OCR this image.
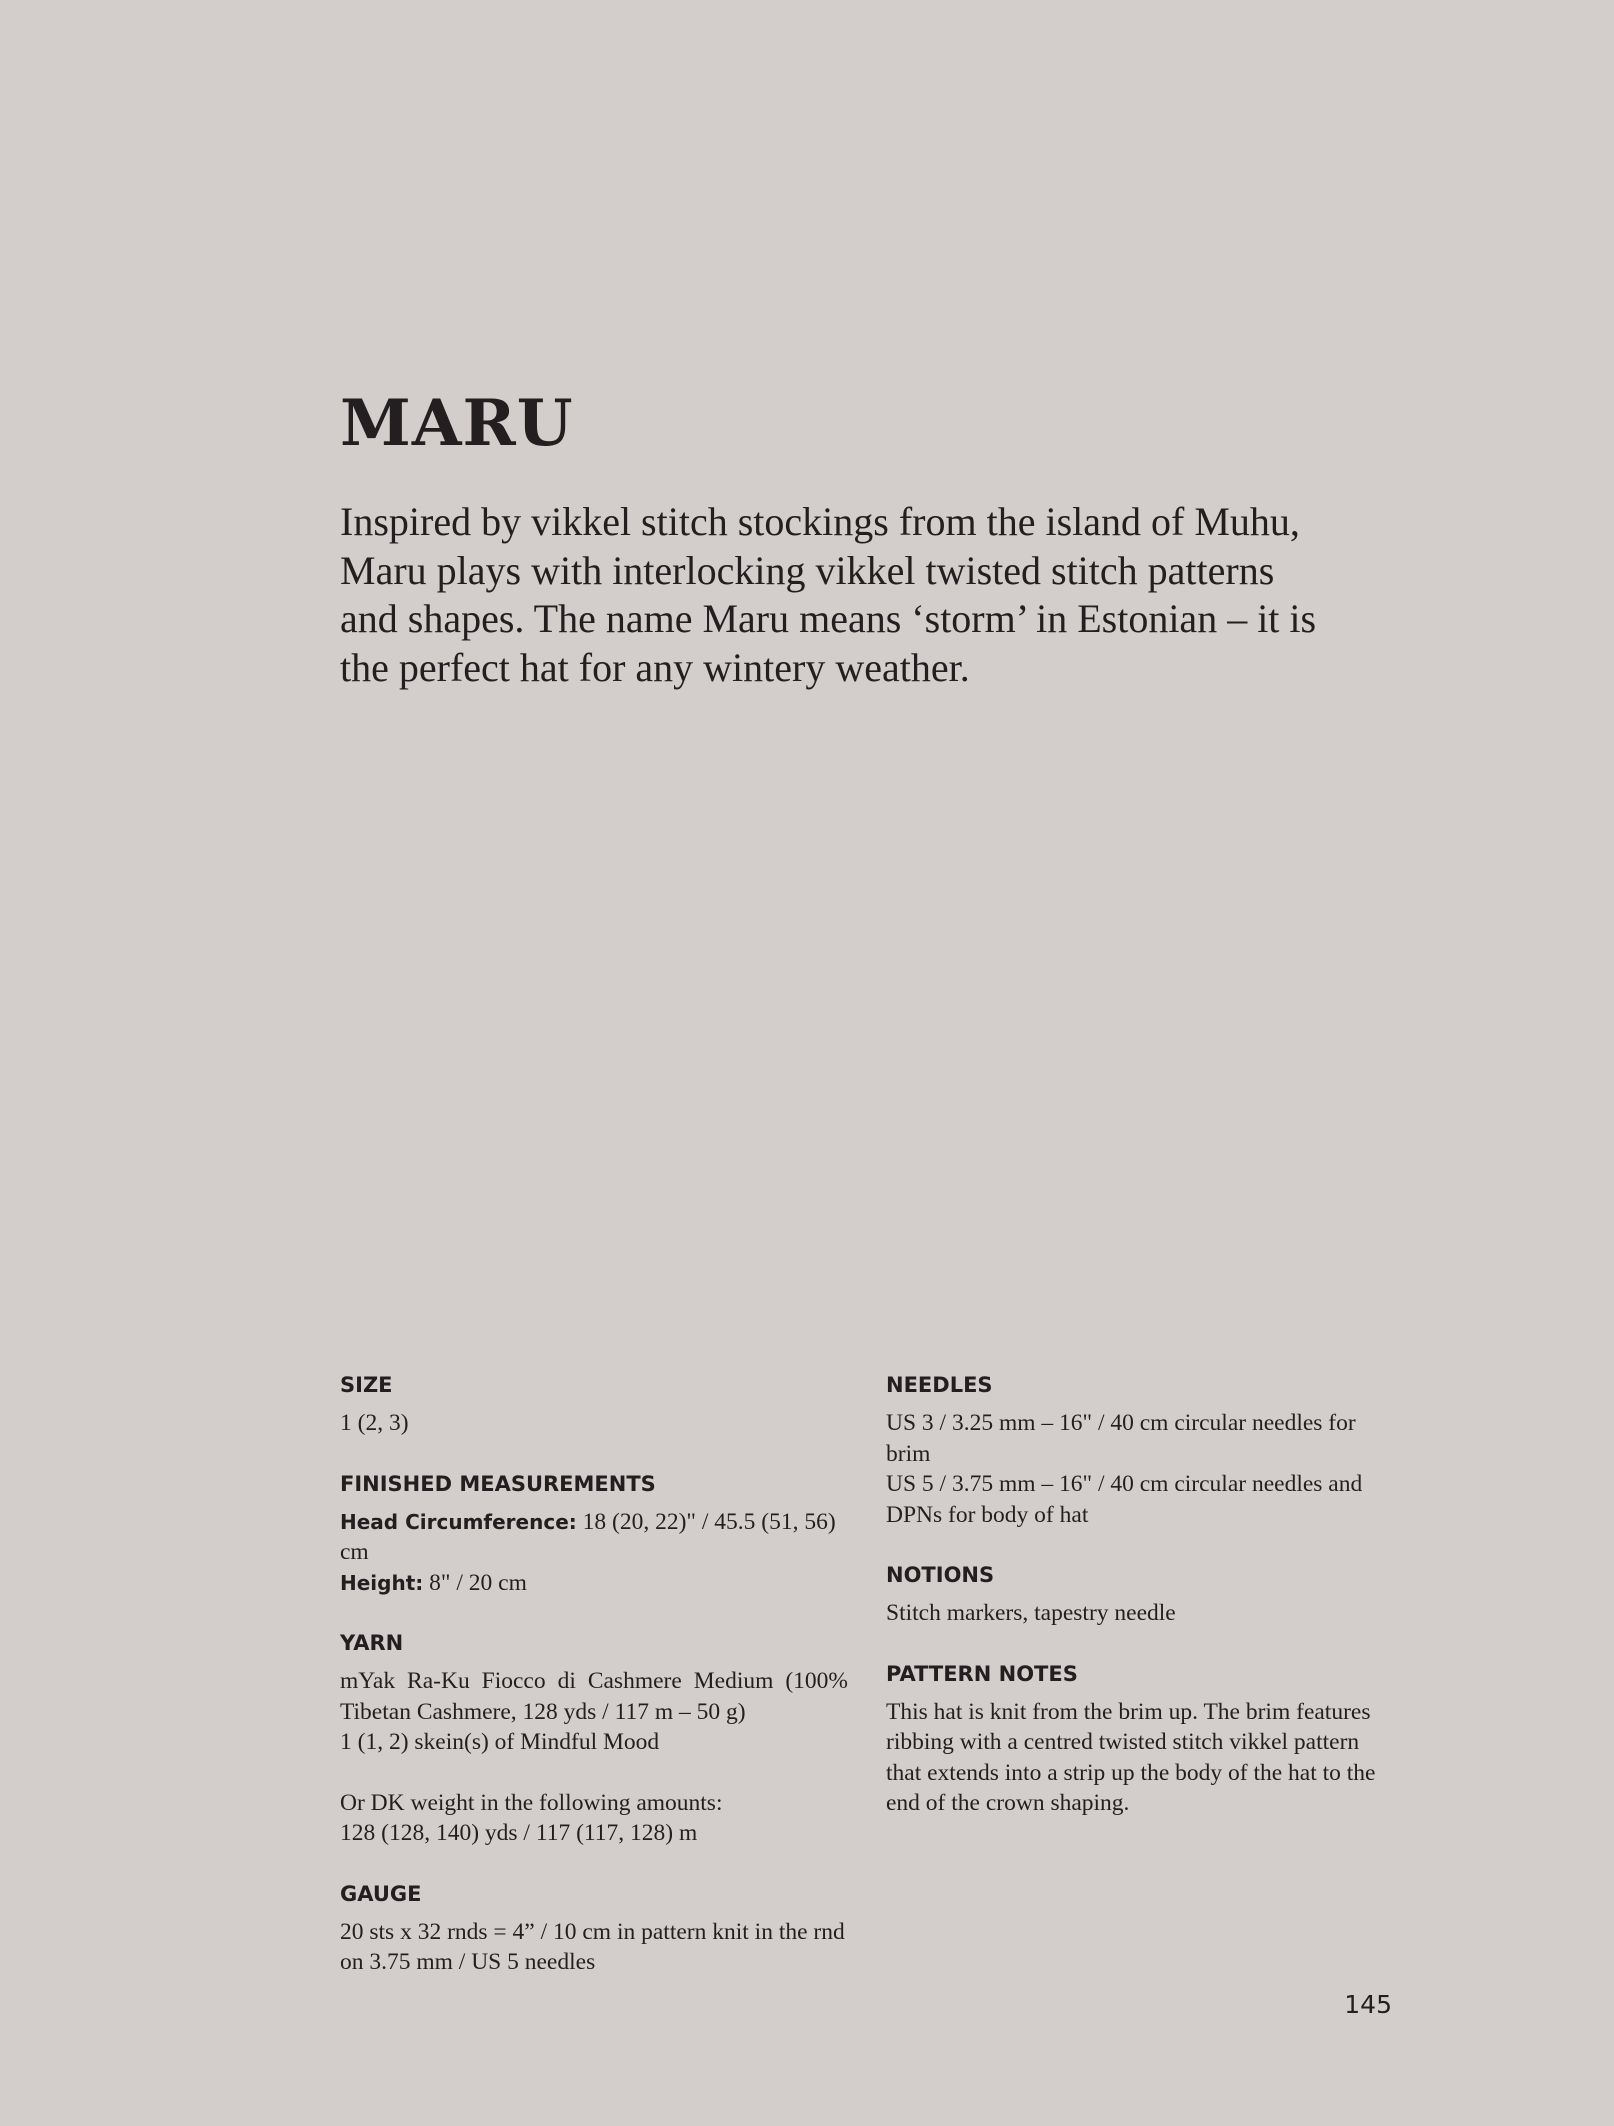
MARU

Inspired by vikkel stitch stockings from the island of Muhu,
Maru plays with interlocking vikkel twisted stitch patterns
and shapes. The name Maru means ‘storm’ in Estonian – it is
the perfect hat for any wintery weather.

SIZE

1 (2, 3)

FINISHED MEASUREMENTS

Head Circumference: 18 (20, 22)" / 45.5 (51, 56) cm

Height: 8" / 20 cm

YARN

mYak Ra-Ku Fiocco di Cashmere Medium (100% Tibetan Cashmere, 128 yds / 117 m – 50 g)

1 (1, 2) skein(s) of Mindful Mood

Or DK weight in the following amounts:

128 (128, 140) yds / 117 (117, 128) m

GAUGE

20 sts x 32 rnds = 4” / 10 cm in pattern knit in the rnd on 3.75 mm / US 5 needles

NEEDLES

US 3 / 3.25 mm – 16" / 40 cm circular needles for brim

US 5 / 3.75 mm – 16" / 40 cm circular needles and DPNs for body of hat

NOTIONS

Stitch markers, tapestry needle

PATTERN NOTES

This hat is knit from the brim up. The brim features ribbing with a centred twisted stitch vikkel pattern that extends into a strip up the body of the hat to the end of the crown shaping.

145
